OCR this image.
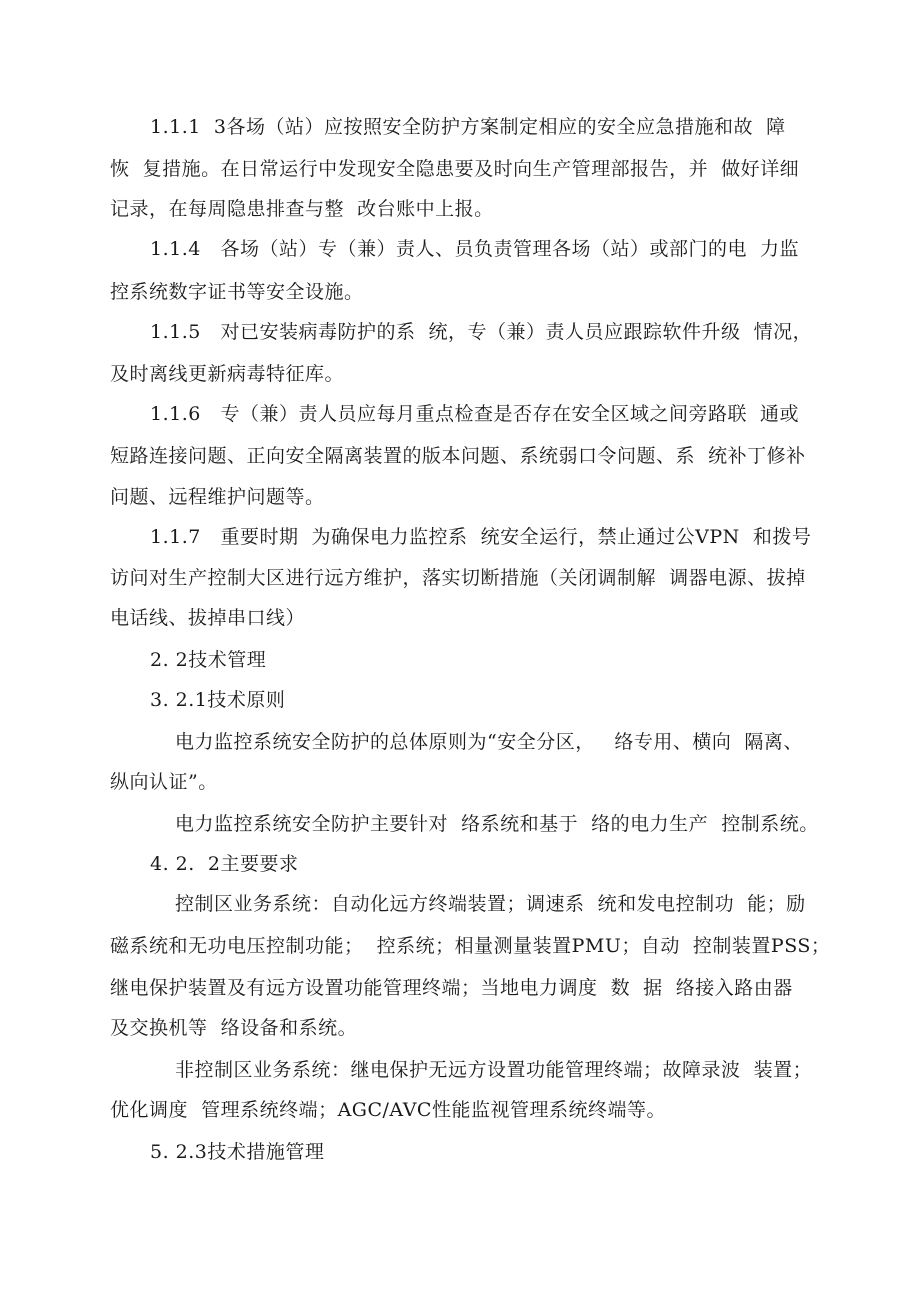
1.1.1  3各场（站）应按照安全防护方案制定相应的安全应急措施和故  障
恢  复措施。在日常运行中发现安全隐患要及时向生产管理部报告，并  做好详细
记录，在每周隐患排查与整  改台账中上报。
1.1.4   各场（站）专（兼）责人、员负责管理各场（站）或部门的电  力监
控系统数字证书等安全设施。
1.1.5   对已安装病毒防护的系  统，专（兼）责人员应跟踪软件升级  情况，
及时离线更新病毒特征库。
1.1.6   专（兼）责人员应每月重点检查是否存在安全区域之间旁路联  通或
短路连接问题、正向安全隔离装置的版本问题、系统弱口令问题、系  统补丁修补
问题、远程维护问题等。
1.1.7   重要时期  为确保电力监控系  统安全运行，禁止通过公VPN  和拨号
访问对生产控制大区进行远方维护，落实切断措施（关闭调制解  调器电源、拔掉
电话线、拔掉串口线）
2. 2技术管理
3. 2.1技术原则
电力监控系统安全防护的总体原则为“安全分区，   络专用、横向  隔离、
纵向认证”。
电力监控系统安全防护主要针对  络系统和基于  络的电力生产  控制系统。
4. 2.  2主要要求
控制区业务系统：自动化远方终端装置；调速系  统和发电控制功  能；励
磁系统和无功电压控制功能；  控系统；相量测量装置PMU；自动  控制装置PSS；
继电保护装置及有远方设置功能管理终端；当地电力调度  数  据  络接入路由器
及交换机等  络设备和系统。
非控制区业务系统：继电保护无远方设置功能管理终端；故障录波  装置；
优化调度  管理系统终端；AGC/AVC性能监视管理系统终端等。
5. 2.3技术措施管理
